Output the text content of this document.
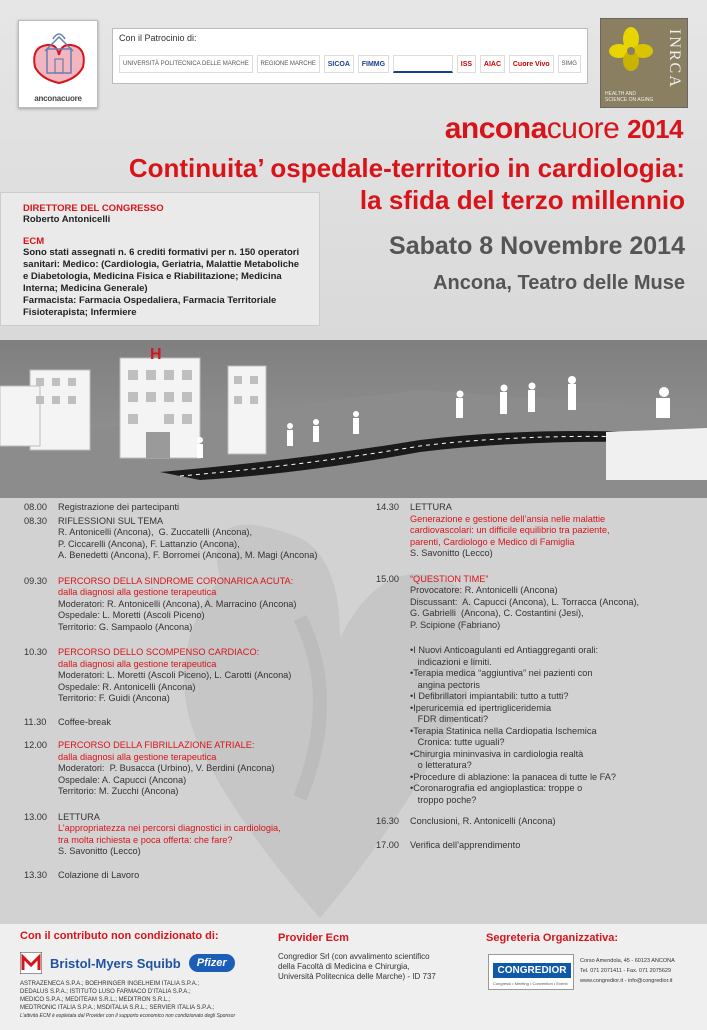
anconacuore
Con il Patrocinio di:
UNIVERSITÀ POLITECNICA DELLE MARCHE	REGIONE MARCHE	SICOA	FIMMG	ISS	AIAC	Cuore Vivo	SIMG	INRCA
HEALTH AND SCIENCE ON AGING
anconacuore 2014
Continuita’ ospedale-territorio in cardiologia:
la sfida del terzo millennio
DIRETTORE DEL CONGRESSO
Roberto Antonicelli
ECM
Sono stati assegnati n. 6 crediti formativi per n. 150 operatori
sanitari: Medico: (Cardiologia, Geriatria, Malattie Metaboliche
e Diabetologia, Medicina Fisica e Riabilitazione; Medicina
Interna; Medicina Generale)
Farmacista: Farmacia Ospedaliera, Farmacia Territoriale
Fisioterapista; Infermiere
Sabato 8 Novembre 2014
Ancona, Teatro delle Muse
H
08.00 Registrazione dei partecipanti
08.30 RIFLESSIONI SUL TEMA
R. Antonicelli (Ancona),  G. Zuccatelli (Ancona),
P. Ciccarelli (Ancona), F. Lattanzio (Ancona),
A. Benedetti (Ancona), F. Borromei (Ancona), M. Magi (Ancona)
09.30 PERCORSO DELLA SINDROME CORONARICA ACUTA:
dalla diagnosi alla gestione terapeutica
Moderatori: R. Antonicelli (Ancona), A. Marracino (Ancona)
Ospedale: L. Moretti (Ascoli Piceno)
Territorio: G. Sampaolo (Ancona)
10.30 PERCORSO DELLO SCOMPENSO CARDIACO:
dalla diagnosi alla gestione terapeutica
Moderatori: L. Moretti (Ascoli Piceno), L. Carotti (Ancona)
Ospedale: R. Antonicelli (Ancona)
Territorio: F. Guidi (Ancona)
11.30 Coffee-break
12.00 PERCORSO DELLA FIBRILLAZIONE ATRIALE:
dalla diagnosi alla gestione terapeutica
Moderatori:  P. Busacca (Urbino), V. Berdini (Ancona)
Ospedale: A. Capucci (Ancona)
Territorio: M. Zucchi (Ancona)
13.00 LETTURA
L’appropriatezza nei percorsi diagnostici in cardiologia,
tra molta richiesta e poca offerta: che fare?
S. Savonitto (Lecco)
13.30 Colazione di Lavoro
14.30 LETTURA
Generazione e gestione dell’ansia nelle malattie
cardiovascolari: un difficile equilibrio tra paziente,
parenti, Cardiologo e Medico di Famiglia
S. Savonitto (Lecco)
15.00 “QUESTION TIME”
Provocatore: R. Antonicelli (Ancona)
Discussant:  A. Capucci (Ancona), L. Torracca (Ancona),
G. Gabrielli  (Ancona), C. Costantini (Jesi),
P. Scipione (Fabriano)
•I Nuovi Anticoagulanti ed Antiaggreganti orali:
indicazioni e limiti.
•Terapia medica “aggiuntiva” nei pazienti con
angina pectoris
•I Defibrillatori impiantabili: tutto a tutti?
•Iperuricemia ed ipertrigliceridemia
FDR dimenticati?
•Terapia Statinica nella Cardiopatia Ischemica
Cronica: tutte uguali?
•Chirurgia mininvasiva in cardiologia realtà
o letteratura?
•Procedure di ablazione: la panacea di tutte le FA?
•Coronarografia ed angioplastica: troppe o
troppo poche?
16.30 Conclusioni, R. Antonicelli (Ancona)
17.00 Verifica dell’apprendimento
Con il contributo non condizionato di:
Bristol-Myers Squibb	Pfizer
ASTRAZENECA S.P.A.; BOEHRINGER INGELHEIM ITALIA S.P.A.;
DEDALUS S.P.A.; ISTITUTO LUSO FARMACO D’ITALIA S.P.A.;
MEDICO S.P.A.; MEDITEAM S.R.L.; MEDITRON S.R.L.;
MEDTRONIC ITALIA S.P.A.; MSDITALIA S.R.L.; SERVIER ITALIA S.P.A.;
L’attività ECM è espletata dal Provider con il supporto economico non condizionato degli Sponsor
Provider Ecm
Congredior Srl (con avvalimento scientifico
della Facoltà di Medicina e Chirurgia,
Università Politecnica delle Marche) - ID 737
Segreteria Organizzativa:
CONGREDIOR
Congressi • Meeting • Convention • Eventi
Corso Amendola, 45 - 60123 ANCONA
Tel. 071 2071411 - Fax. 071 2075629
www.congredior.it - info@congredior.it
